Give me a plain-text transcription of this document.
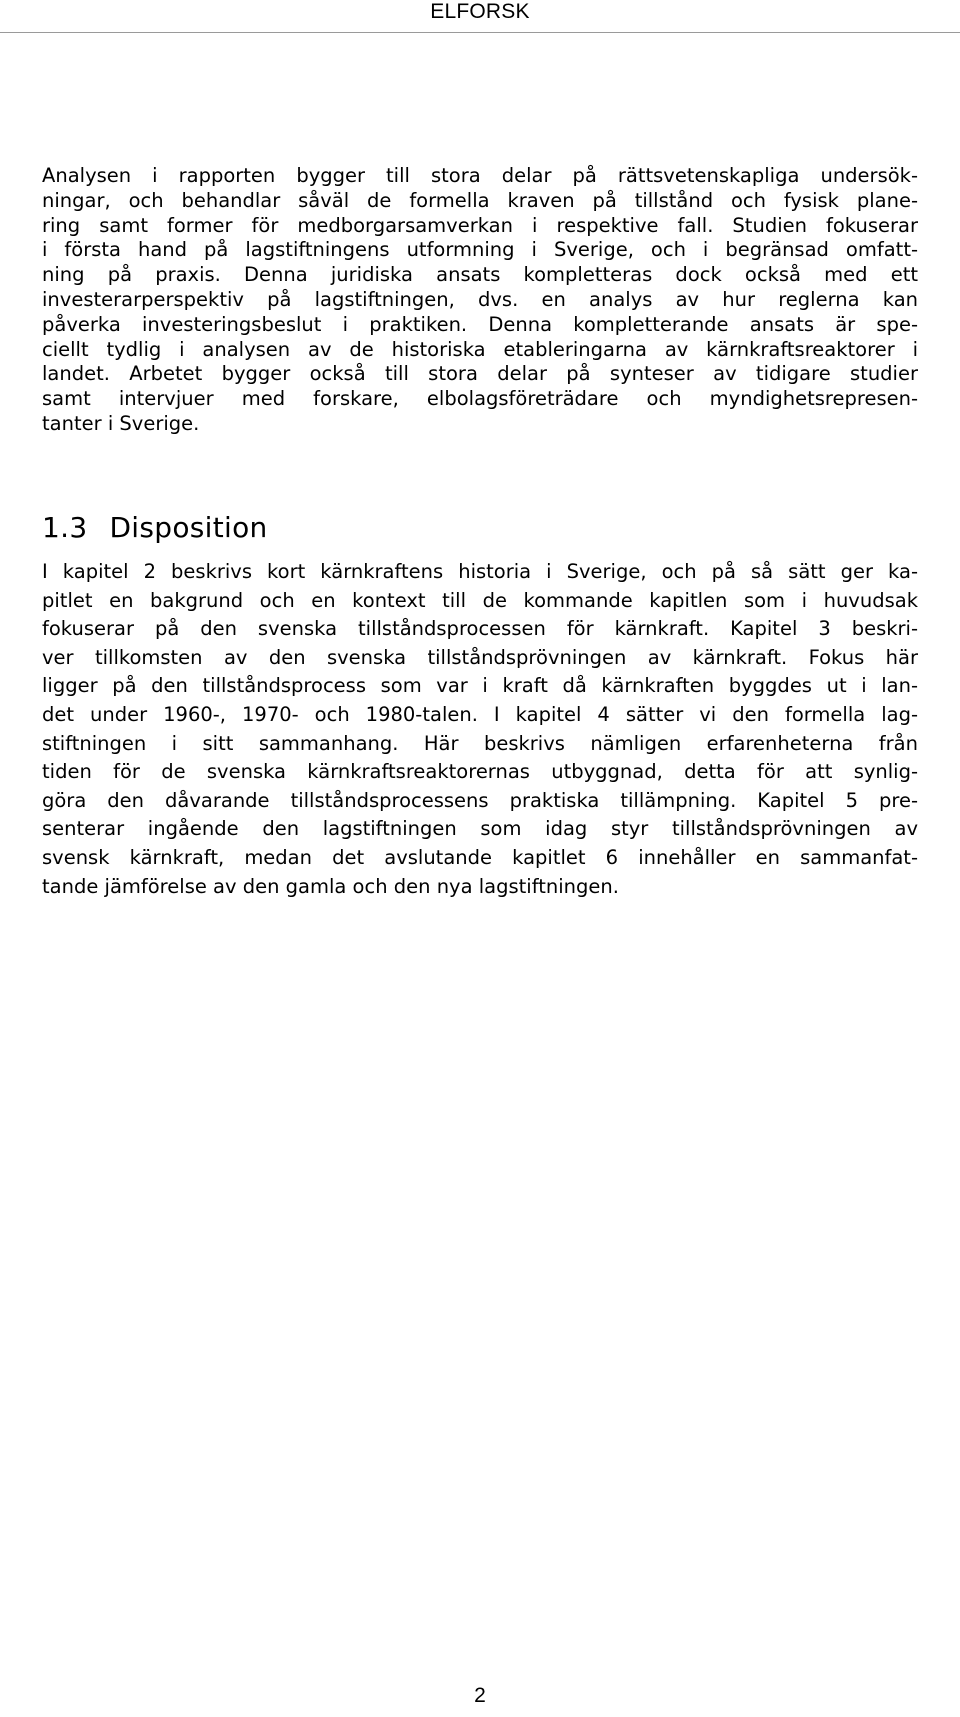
ELFORSK

Analysen i rapporten bygger till stora delar på rättsvetenskapliga undersök-
ningar, och behandlar såväl de formella kraven på tillstånd och fysisk plane-
ring samt former för medborgarsamverkan i respektive fall. Studien fokuserar
i första hand på lagstiftningens utformning i Sverige, och i begränsad omfatt-
ning på praxis. Denna juridiska ansats kompletteras dock också med ett
investerarperspektiv på lagstiftningen, dvs. en analys av hur reglerna kan
påverka investeringsbeslut i praktiken. Denna kompletterande ansats är spe-
ciellt tydlig i analysen av de historiska etableringarna av kärnkraftsreaktorer i
landet. Arbetet bygger också till stora delar på synteser av tidigare studier
samt intervjuer med forskare, elbolagsföreträdare och myndighetsrepresen-
tanter i Sverige.

1.3 Disposition

I kapitel 2 beskrivs kort kärnkraftens historia i Sverige, och på så sätt ger ka-
pitlet en bakgrund och en kontext till de kommande kapitlen som i huvudsak
fokuserar på den svenska tillståndsprocessen för kärnkraft. Kapitel 3 beskri-
ver tillkomsten av den svenska tillståndsprövningen av kärnkraft. Fokus här
ligger på den tillståndsprocess som var i kraft då kärnkraften byggdes ut i lan-
det under 1960-, 1970- och 1980-talen. I kapitel 4 sätter vi den formella lag-
stiftningen i sitt sammanhang. Här beskrivs nämligen erfarenheterna från
tiden för de svenska kärnkraftsreaktorernas utbyggnad, detta för att synlig-
göra den dåvarande tillståndsprocessens praktiska tillämpning. Kapitel 5 pre-
senterar ingående den lagstiftningen som idag styr tillståndsprövningen av
svensk kärnkraft, medan det avslutande kapitlet 6 innehåller en sammanfat-
tande jämförelse av den gamla och den nya lagstiftningen.

2
